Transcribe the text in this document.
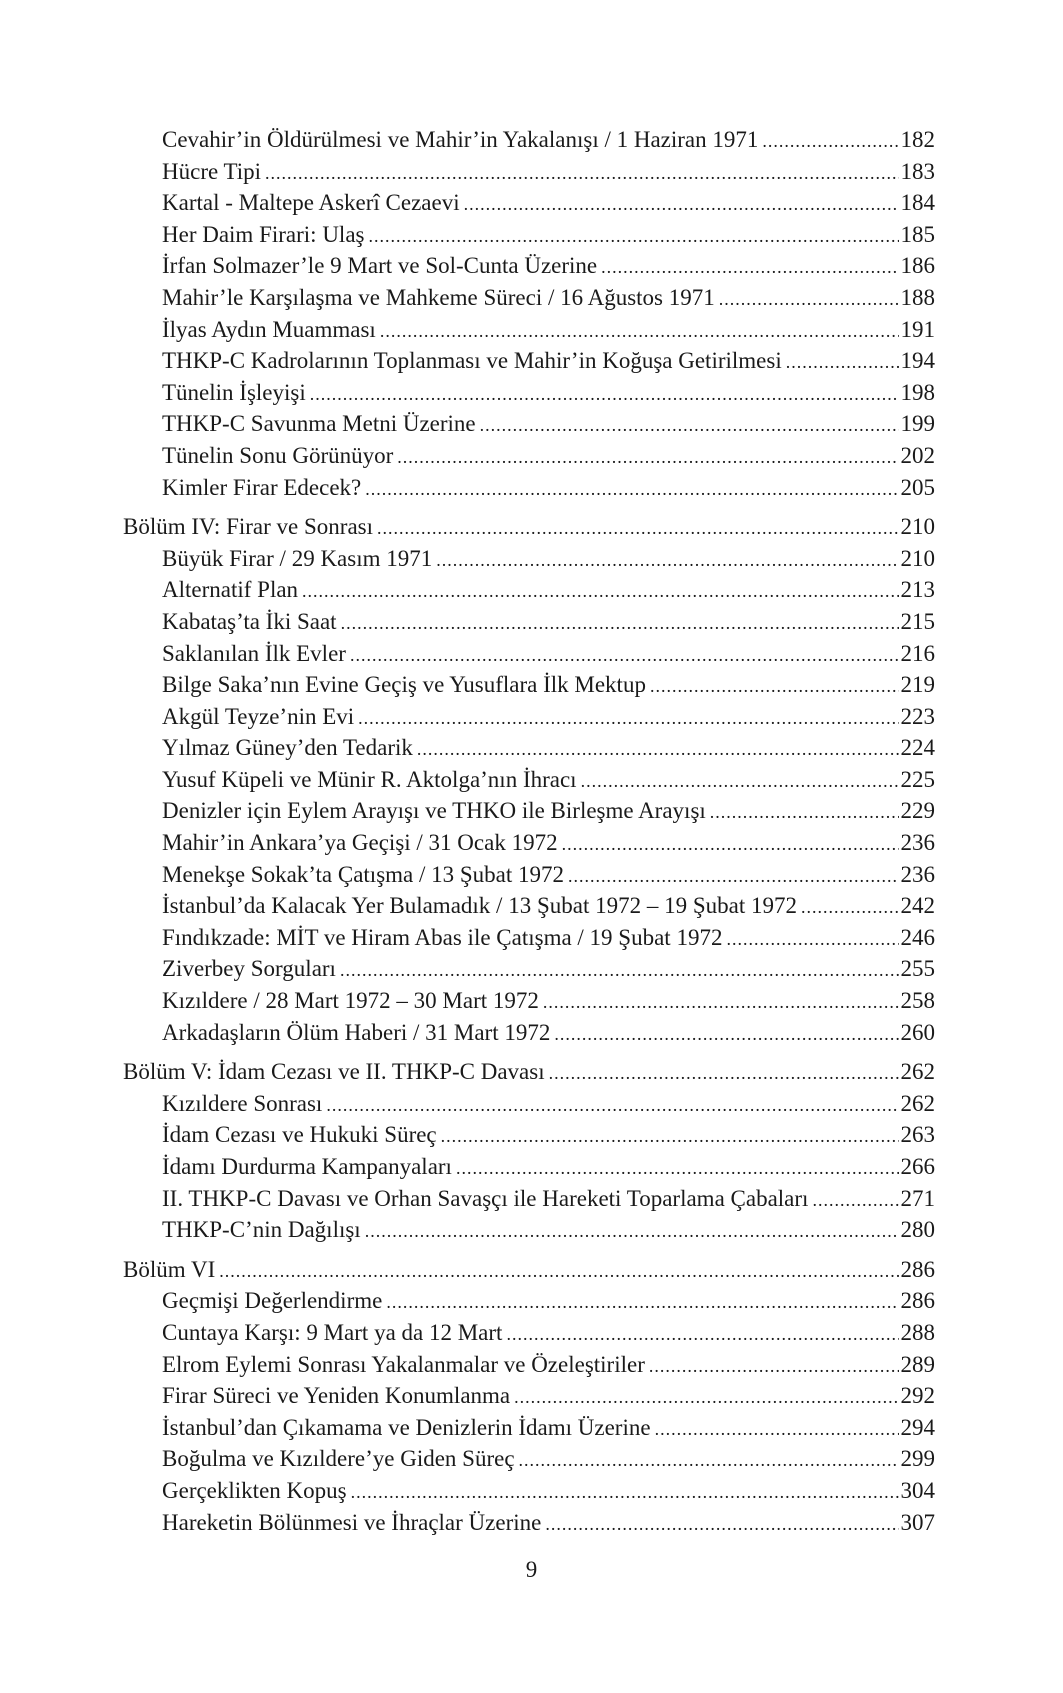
Cevahir’in Öldürülmesi ve Mahir’in Yakalanışı / 1 Haziran 1971 .....	182
Hücre Tipi .....	183
Kartal - Maltepe Askerî Cezaevi .....	184
Her Daim Firari: Ulaş .....	185
İrfan Solmazer’le 9 Mart ve Sol-Cunta Üzerine .....	186
Mahir’le Karşılaşma ve Mahkeme Süreci / 16 Ağustos 1971 .....	188
İlyas Aydın Muamması .....	191
THKP-C Kadrolarının Toplanması ve Mahir’in Koğuşa Getirilmesi .....	194
Tünelin İşleyişi .....	198
THKP-C Savunma Metni Üzerine .....	199
Tünelin Sonu Görünüyor .....	202
Kimler Firar Edecek? .....	205
Bölüm IV: Firar ve Sonrası .....	210
Büyük Firar / 29 Kasım 1971 .....	210
Alternatif Plan .....	213
Kabataş’ta İki Saat .....	215
Saklanılan İlk Evler .....	216
Bilge Saka’nın Evine Geçiş ve Yusuflara İlk Mektup .....	219
Akgül Teyze’nin Evi .....	223
Yılmaz Güney’den Tedarik .....	224
Yusuf Küpeli ve Münir R. Aktolga’nın İhracı .....	225
Denizler için Eylem Arayışı ve THKO ile Birleşme Arayışı .....	229
Mahir’in Ankara’ya Geçişi / 31 Ocak 1972 .....	236
Menekşe Sokak’ta Çatışma / 13 Şubat 1972 .....	236
İstanbul’da Kalacak Yer Bulamadık / 13 Şubat 1972 – 19 Şubat 1972 .....	242
Fındıkzade: MİT ve Hiram Abas ile Çatışma / 19 Şubat 1972 .....	246
Ziverbey Sorguları .....	255
Kızıldere / 28 Mart 1972 – 30 Mart 1972 .....	258
Arkadaşların Ölüm Haberi / 31 Mart 1972 .....	260
Bölüm V: İdam Cezası ve II. THKP-C Davası .....	262
Kızıldere Sonrası .....	262
İdam Cezası ve Hukuki Süreç .....	263
İdamı Durdurma Kampanyaları .....	266
II. THKP-C Davası ve Orhan Savaşçı ile Hareketi Toparlama Çabaları .....	271
THKP-C’nin Dağılışı .....	280
Bölüm VI .....	286
Geçmişi Değerlendirme .....	286
Cuntaya Karşı: 9 Mart ya da 12 Mart .....	288
Elrom Eylemi Sonrası Yakalanmalar ve Özeleştiriler .....	289
Firar Süreci ve Yeniden Konumlanma .....	292
İstanbul’dan Çıkamama ve Denizlerin İdamı Üzerine .....	294
Boğulma ve Kızıldere’ye Giden Süreç .....	299
Gerçeklikten Kopuş .....	304
Hareketin Bölünmesi ve İhraçlar Üzerine .....	307
9
